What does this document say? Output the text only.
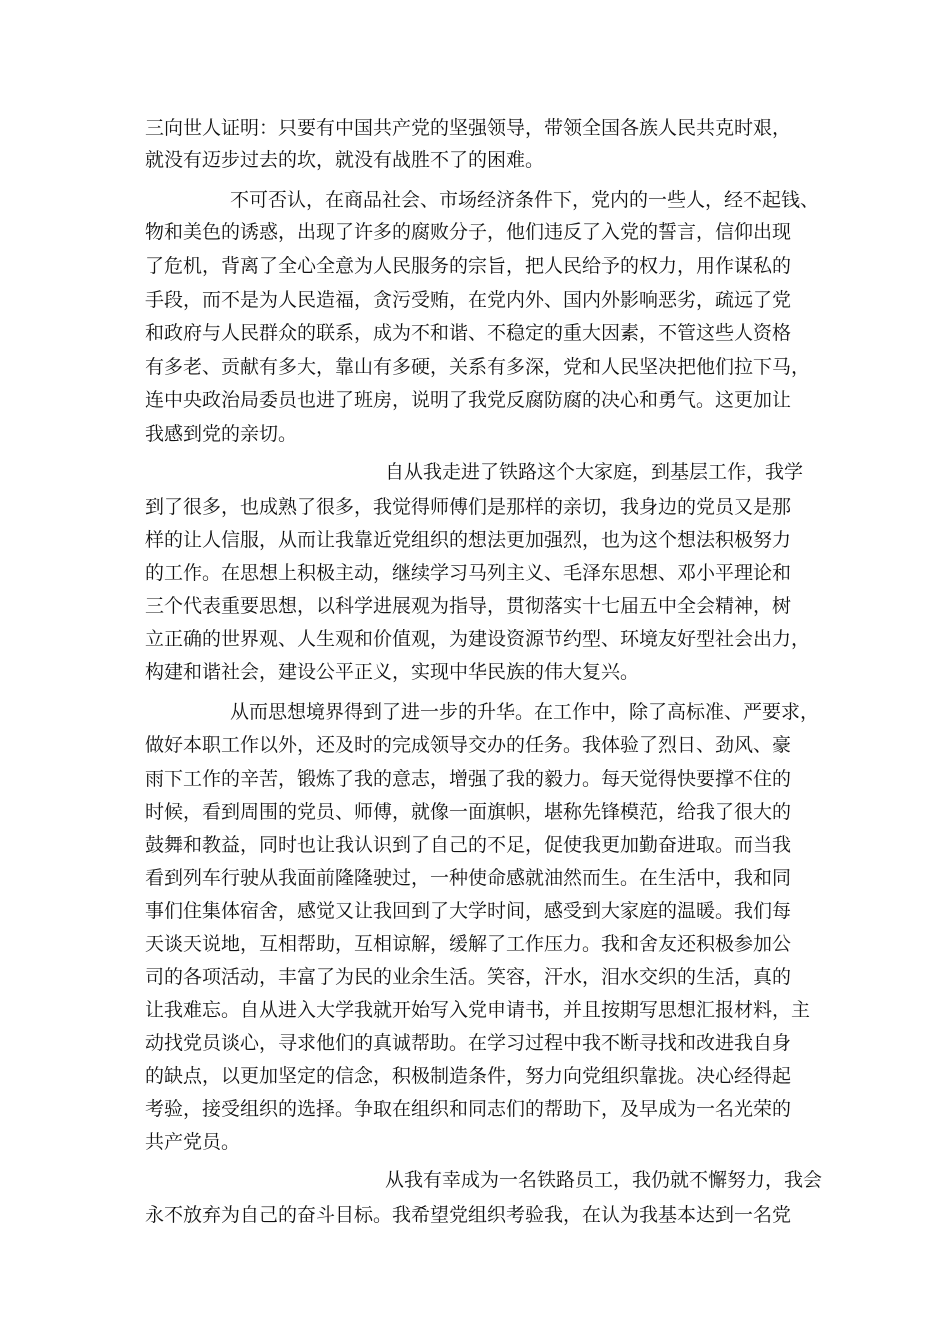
三向世人证明：只要有中国共产党的坚强领导，带领全国各族人民共克时艰，
就没有迈步过去的坎，就没有战胜不了的困难。
不可否认，在商品社会、市场经济条件下，党内的一些人，经不起钱、
物和美色的诱惑，出现了许多的腐败分子，他们违反了入党的誓言，信仰出现
了危机，背离了全心全意为人民服务的宗旨，把人民给予的权力，用作谋私的
手段，而不是为人民造福，贪污受贿，在党内外、国内外影响恶劣，疏远了党
和政府与人民群众的联系，成为不和谐、不稳定的重大因素，不管这些人资格
有多老、贡献有多大，靠山有多硬，关系有多深，党和人民坚决把他们拉下马，
连中央政治局委员也进了班房，说明了我党反腐防腐的决心和勇气。这更加让
我感到党的亲切。
自从我走进了铁路这个大家庭，到基层工作，我学
到了很多，也成熟了很多，我觉得师傅们是那样的亲切，我身边的党员又是那
样的让人信服，从而让我靠近党组织的想法更加强烈，也为这个想法积极努力
的工作。在思想上积极主动，继续学习马列主义、毛泽东思想、邓小平理论和
三个代表重要思想，以科学进展观为指导，贯彻落实十七届五中全会精神，树
立正确的世界观、人生观和价值观，为建设资源节约型、环境友好型社会出力，
构建和谐社会，建设公平正义，实现中华民族的伟大复兴。
从而思想境界得到了进一步的升华。在工作中，除了高标准、严要求，
做好本职工作以外，还及时的完成领导交办的任务。我体验了烈日、劲风、豪
雨下工作的辛苦，锻炼了我的意志，增强了我的毅力。每天觉得快要撑不住的
时候，看到周围的党员、师傅，就像一面旗帜，堪称先锋模范，给我了很大的
鼓舞和教益，同时也让我认识到了自己的不足，促使我更加勤奋进取。而当我
看到列车行驶从我面前隆隆驶过，一种使命感就油然而生。在生活中，我和同
事们住集体宿舍，感觉又让我回到了大学时间，感受到大家庭的温暖。我们每
天谈天说地，互相帮助，互相谅解，缓解了工作压力。我和舍友还积极参加公
司的各项活动，丰富了为民的业余生活。笑容，汗水，泪水交织的生活，真的
让我难忘。自从进入大学我就开始写入党申请书，并且按期写思想汇报材料，主
动找党员谈心，寻求他们的真诚帮助。在学习过程中我不断寻找和改进我自身
的缺点，以更加坚定的信念，积极制造条件，努力向党组织靠拢。决心经得起
考验，接受组织的选择。争取在组织和同志们的帮助下，及早成为一名光荣的
共产党员。
从我有幸成为一名铁路员工，我仍就不懈努力，我会
永不放弃为自己的奋斗目标。我希望党组织考验我，在认为我基本达到一名党
